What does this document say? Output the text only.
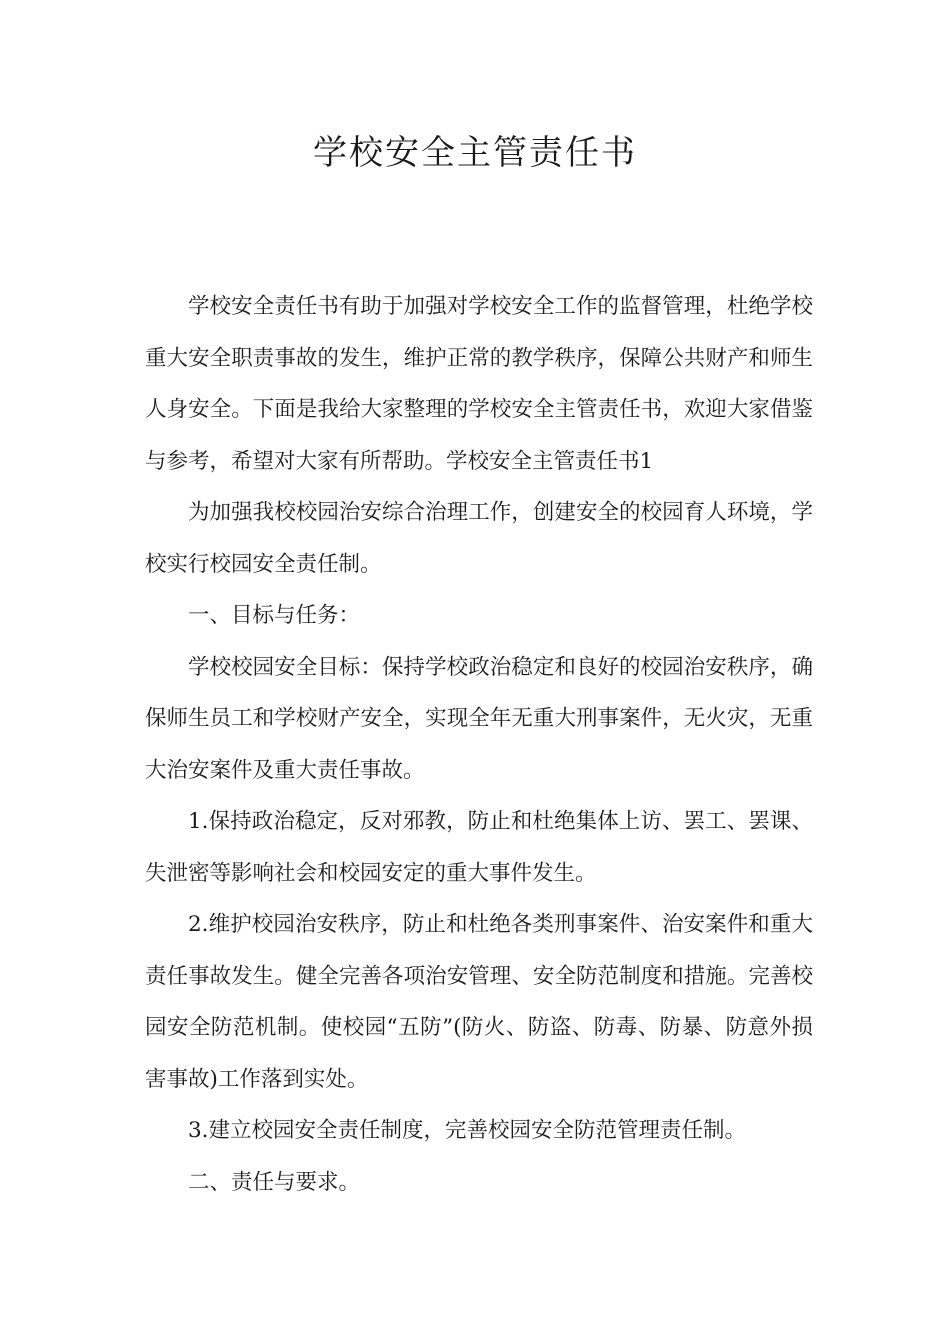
学校安全主管责任书

学校安全责任书有助于加强对学校安全工作的监督管理，杜绝学校重大安全职责事故的发生，维护正常的教学秩序，保障公共财产和师生人身安全。下面是我给大家整理的学校安全主管责任书，欢迎大家借鉴与参考，希望对大家有所帮助。学校安全主管责任书1

为加强我校校园治安综合治理工作，创建安全的校园育人环境，学校实行校园安全责任制。

一、目标与任务：

学校校园安全目标：保持学校政治稳定和良好的校园治安秩序，确保师生员工和学校财产安全，实现全年无重大刑事案件，无火灾，无重大治安案件及重大责任事故。

1.保持政治稳定，反对邪教，防止和杜绝集体上访、罢工、罢课、失泄密等影响社会和校园安定的重大事件发生。

2.维护校园治安秩序，防止和杜绝各类刑事案件、治安案件和重大责任事故发生。健全完善各项治安管理、安全防范制度和措施。完善校园安全防范机制。使校园“五防”(防火、防盗、防毒、防暴、防意外损害事故)工作落到实处。

3.建立校园安全责任制度，完善校园安全防范管理责任制。

二、责任与要求。
